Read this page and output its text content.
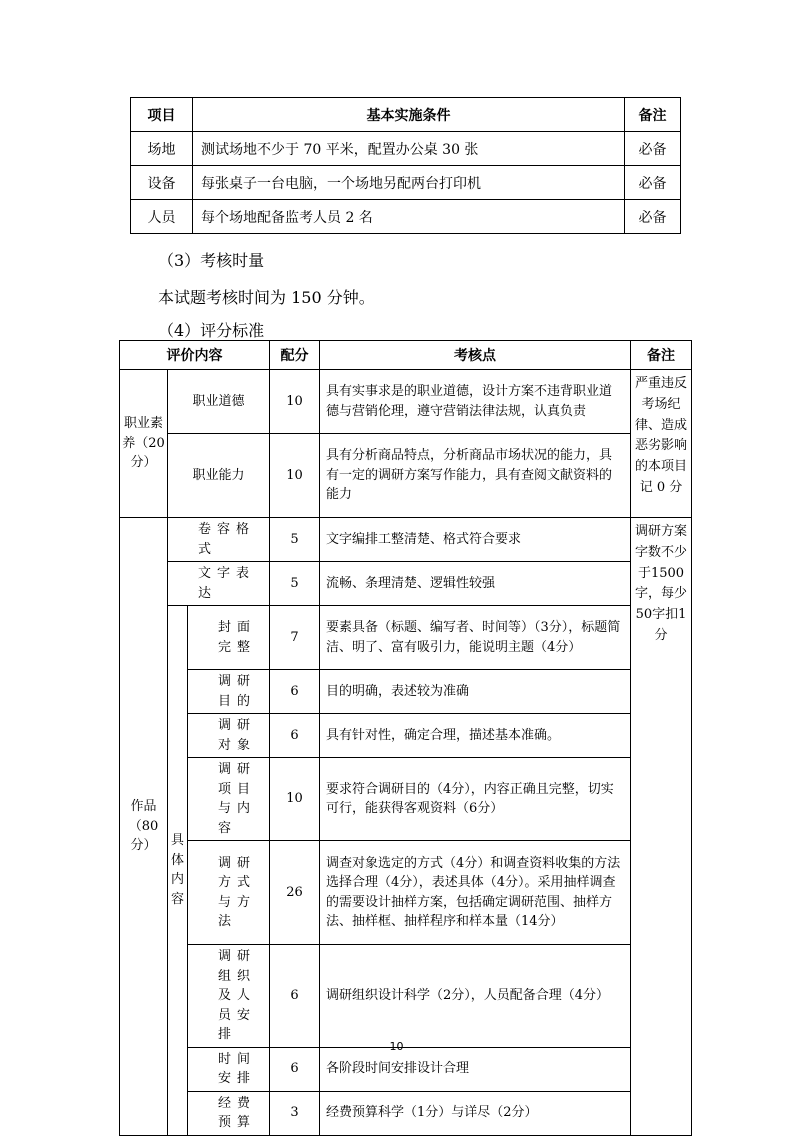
项目	基本实施条件	备注
场地	测试场地不少于 70 平米，配置办公桌 30 张	必备
设备	每张桌子一台电脑，一个场地另配两台打印机	必备
人员	每个场地配备监考人员 2 名	必备
（3）考核时量
本试题考核时间为 150 分钟。
（4）评分标准
评价内容			配分	考核点	备注
职业素养（20分）	职业道德		10	具有实事求是的职业道德，设计方案不违背职业道德与营销伦理，遵守营销法律法规，认真负责	严重违反考场纪律、造成恶劣影响的本项目记 0 分
	职业能力		10	具有分析商品特点，分析商品市场状况的能力，具有一定的调研方案写作能力，具有查阅文献资料的能力	
作品（80分）	卷容格式		5	文字编排工整清楚、格式符合要求	调研方案字数不少于1500字，每少 50字扣1分
	文字表达		5	流畅、条理清楚、逻辑性较强	
	具体内容	封面完整	7	要素具备（标题、编写者、时间等）（3分），标题简洁、明了、富有吸引力，能说明主题（4分）	
		调研目的	6	目的明确，表述较为准确	
		调研对象	6	具有针对性，确定合理，描述基本准确。	
		调研项目与内容	10	要求符合调研目的（4分），内容正确且完整，切实可行，能获得客观资料（6分）	
		调研方式与方法	26	调查对象选定的方式（4分）和调查资料收集的方法选择合理（4分），表述具体（4分）。采用抽样调查的需要设计抽样方案，包括确定调研范围、抽样方法、抽样框、抽样程序和样本量（14分）	
		调研组织及人员安排	6	调研组织设计科学（2分），人员配备合理（4分）	
		时间安排	6	各阶段时间安排设计合理	
		经费预算	3	经费预算科学（1分）与详尽（2分）	
10
